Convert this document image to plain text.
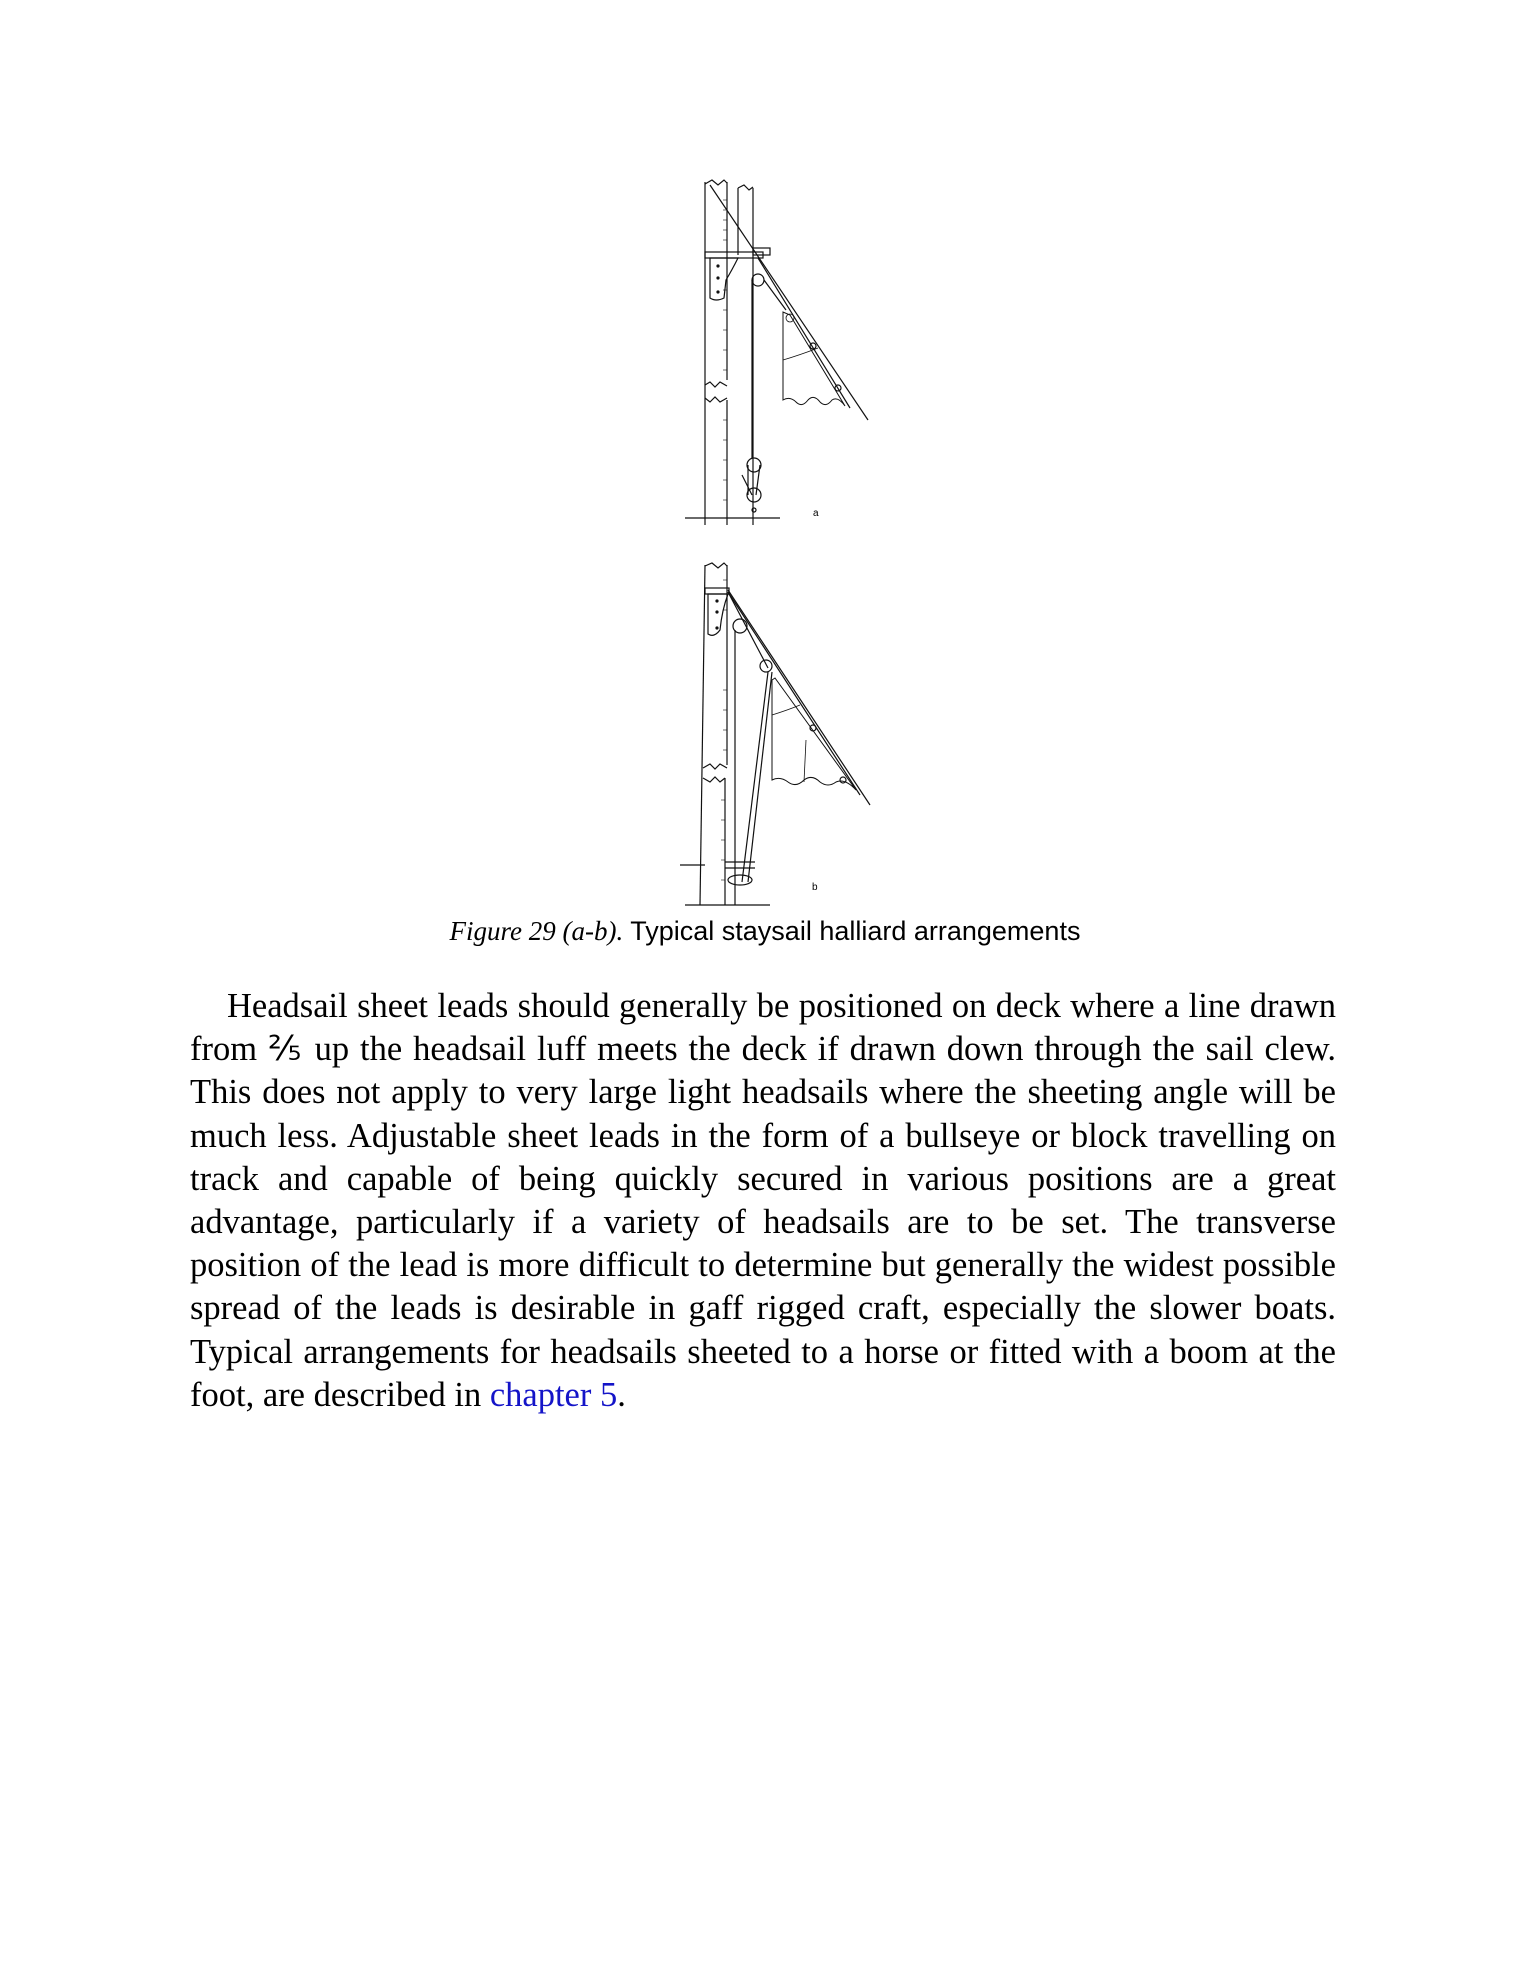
a
b
Figure 29 (a-b). Typical staysail halliard arrangements

Headsail sheet leads should generally be positioned on deck where a line drawn from ⅖ up the headsail luff meets the deck if drawn down through the sail clew. This does not apply to very large light headsails where the sheeting angle will be much less. Adjustable sheet leads in the form of a bullseye or block travelling on track and capable of being quickly secured in various positions are a great advantage, particularly if a variety of headsails are to be set. The transverse position of the lead is more difficult to determine but generally the widest possible spread of the leads is desirable in gaff rigged craft, especially the slower boats. Typical arrangements for headsails sheeted to a horse or fitted with a boom at the foot, are described in chapter 5.
